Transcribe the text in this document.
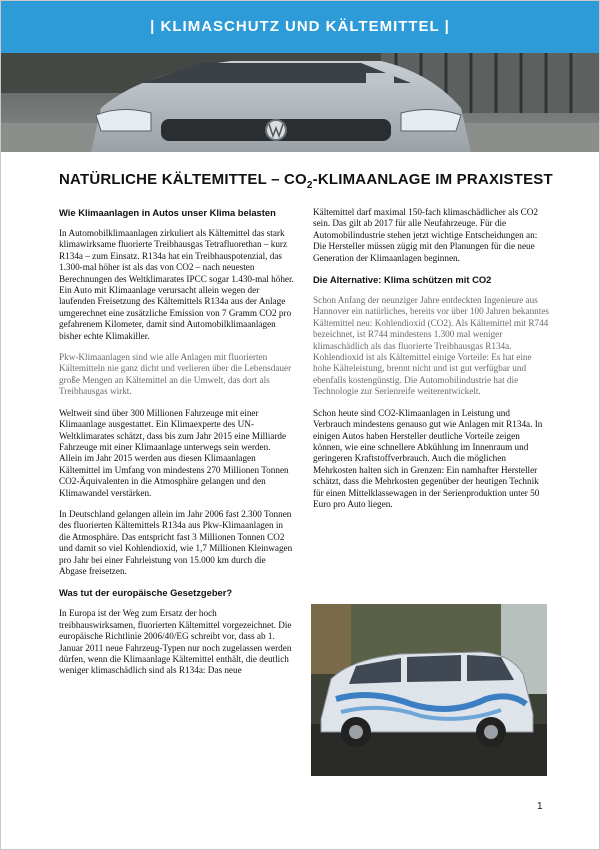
| KLIMASCHUTZ UND KÄLTEMITTEL |
NATÜRLICHE KÄLTEMITTEL – $CO_2$-KLIMAANLAGE IM PRAXISTEST
Wie Klimaanlagen in Autos unser Klima belasten

In Automobilklimaanlagen zirkuliert als Kältemittel das stark klimawirksame fluorierte Treibhausgas Tetrafluorethan – kurz R134a – zum Einsatz. R134a hat ein Treibhauspotenzial, das 1.300-mal höher ist als das von CO2 – nach neuesten Berechnungen des Weltklimarates IPCC sogar 1.430-mal höher. Ein Auto mit Klimaanlage verursacht allein wegen der laufenden Freisetzung des Kältemittels R134a aus der Anlage umgerechnet eine zusätzliche Emission von 7 Gramm CO2 pro gefahrenem Kilometer, damit sind Automobilklimaanlagen bisher echte Klimakiller.

Pkw-Klimaanlagen sind wie alle Anlagen mit fluorierten Kältemitteln nie ganz dicht und verlieren über die Lebensdauer große Mengen an Kältemittel an die Umwelt, das dort als Treibhausgas wirkt.

Weltweit sind über 300 Millionen Fahrzeuge mit einer Klimaanlage ausgestattet. Ein Klimaexperte des UN-Weltklimarates schätzt, dass bis zum Jahr 2015 eine Milliarde Fahrzeuge mit einer Klimaanlage unterwegs sein werden. Allein im Jahr 2015 werden aus diesen Klimaanlagen Kältemittel im Umfang von mindestens 270 Millionen Tonnen CO2-Äquivalenten in die Atmosphäre gelangen und den Klimawandel verstärken.

In Deutschland gelangen allein im Jahr 2006 fast 2.300 Tonnen des fluorierten Kältemittels R134a aus Pkw-Klimaanlagen in die Atmosphäre. Das entspricht fast 3 Millionen Tonnen CO2 und damit so viel Kohlendioxid, wie 1,7 Millionen Kleinwagen pro Jahr bei einer Fahrleistung von 15.000 km durch die Abgase freisetzen.

Was tut der europäische Gesetzgeber?

In Europa ist der Weg zum Ersatz der hoch treibhauswirksamen, fluorierten Kältemittel vorgezeichnet. Die europäische Richtlinie 2006/40/EG schreibt vor, dass ab 1. Januar 2011 neue Fahrzeug-Typen nur noch zugelassen werden dürfen, wenn die Klimaanlage Kältemittel enthält, die deutlich weniger klimaschädlich sind als R134a: Das neue

Kältemittel darf maximal 150-fach klimaschädlicher als CO2 sein. Das gilt ab 2017 für alle Neufahrzeuge. Für die Automobilindustrie stehen jetzt wichtige Entscheidungen an: Die Hersteller müssen zügig mit den Planungen für die neue Generation der Klimaanlagen beginnen.

Die Alternative: Klima schützen mit CO2

Schon Anfang der neunziger Jahre entdeckten Ingenieure aus Hannover ein natürliches, bereits vor über 100 Jahren bekanntes Kältemittel neu: Kohlendioxid (CO2). Als Kältemittel mit R744 bezeichnet, ist R744 mindestens 1.300 mal weniger klimaschädlich als das fluorierte Treibhausgas R134a. Kohlendioxid ist als Kältemittel einige Vorteile: Es hat eine hohe Kälteleistung, brennt nicht und ist gut verfügbar und ebenfalls kostengünstig. Die Automobilindustrie hat die Technologie zur Serienreife weiterentwickelt.

Schon heute sind CO2-Klimaanlagen in Leistung und Verbrauch mindestens genauso gut wie Anlagen mit R134a. In einigen Autos haben Hersteller deutliche Vorteile zeigen können, wie eine schnellere Abkühlung im Innenraum und geringeren Kraftstoffverbrauch. Auch die möglichen Mehrkosten halten sich in Grenzen: Ein namhafter Hersteller schätzt, dass die Mehrkosten gegenüber der heutigen Technik für einen Mittelklassewagen in der Serienproduktion unter 50 Euro pro Auto liegen.

1
